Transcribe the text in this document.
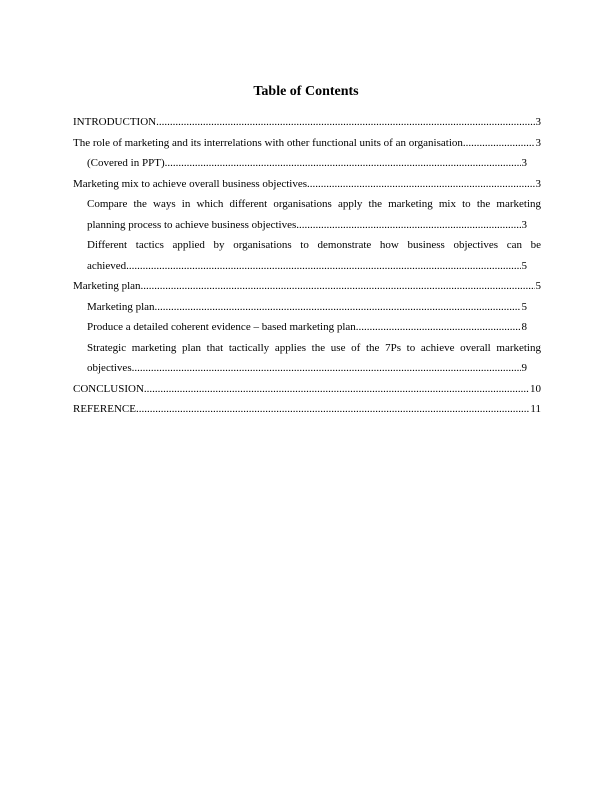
Table of Contents
INTRODUCTION .....	3
The role of marketing and its interrelations with other functional units of an organisation .....	3
(Covered in PPT) .....	3
Marketing mix to achieve overall business objectives .....	3
Compare the ways in which different organisations apply the marketing mix to the marketing
planning process to achieve business objectives .....	3
Different tactics applied by organisations to demonstrate how business objectives can be
achieved .....	5
Marketing plan .....	5
Marketing plan .....	5
Produce a detailed coherent evidence – based marketing plan .....	8
Strategic marketing plan that tactically applies the use of the 7Ps to achieve overall marketing
objectives .....	9
CONCLUSION .....	10
REFERENCE .....	11
